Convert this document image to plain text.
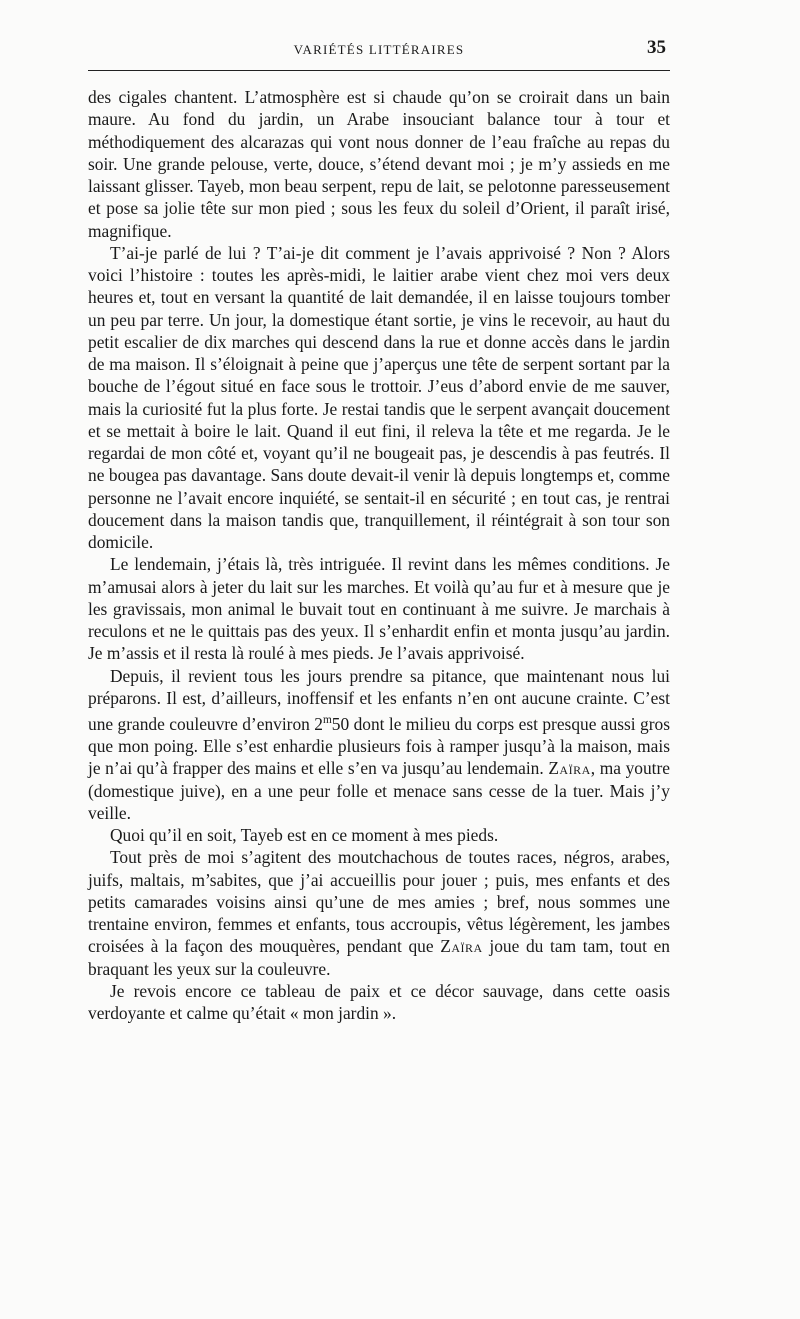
VARIÉTÉS LITTÉRAIRES	35

des cigales chantent. L’atmosphère est si chaude qu’on se croirait dans un bain maure. Au fond du jardin, un Arabe insouciant balance tour à tour et méthodiquement des alcarazas qui vont nous donner de l’eau fraîche au repas du soir. Une grande pelouse, verte, douce, s’étend devant moi ; je m’y assieds en me laissant glisser. Tayeb, mon beau serpent, repu de lait, se pelotonne paresseusement et pose sa jolie tête sur mon pied ; sous les feux du soleil d’Orient, il paraît irisé, magnifique.

T’ai-je parlé de lui ? T’ai-je dit comment je l’avais apprivoisé ? Non ? Alors voici l’histoire : toutes les après-midi, le laitier arabe vient chez moi vers deux heures et, tout en versant la quantité de lait demandée, il en laisse toujours tomber un peu par terre. Un jour, la domestique étant sortie, je vins le recevoir, au haut du petit escalier de dix marches qui descend dans la rue et donne accès dans le jardin de ma maison. Il s’éloignait à peine que j’aperçus une tête de serpent sortant par la bouche de l’égout situé en face sous le trottoir. J’eus d’abord envie de me sauver, mais la curiosité fut la plus forte. Je restai tandis que le serpent avançait doucement et se mettait à boire le lait. Quand il eut fini, il releva la tête et me regarda. Je le regardai de mon côté et, voyant qu’il ne bougeait pas, je descendis à pas feutrés. Il ne bougea pas davantage. Sans doute devait-il venir là depuis longtemps et, comme personne ne l’avait encore inquiété, se sentait-il en sécurité ; en tout cas, je rentrai doucement dans la maison tandis que, tranquillement, il réintégrait à son tour son domicile.

Le lendemain, j’étais là, très intriguée. Il revint dans les mêmes conditions. Je m’amusai alors à jeter du lait sur les marches. Et voilà qu’au fur et à mesure que je les gravissais, mon animal le buvait tout en continuant à me suivre. Je marchais à reculons et ne le quittais pas des yeux. Il s’enhardit enfin et monta jusqu’au jardin. Je m’assis et il resta là roulé à mes pieds. Je l’avais apprivoisé.

Depuis, il revient tous les jours prendre sa pitance, que maintenant nous lui préparons. Il est, d’ailleurs, inoffensif et les enfants n’en ont aucune crainte. C’est une grande couleuvre d’environ 2$^m$50 dont le milieu du corps est presque aussi gros que mon poing. Elle s’est enhardie plusieurs fois à ramper jusqu’à la maison, mais je n’ai qu’à frapper des mains et elle s’en va jusqu’au lendemain. Zaïra, ma youtre (domestique juive), en a une peur folle et menace sans cesse de la tuer. Mais j’y veille.

Quoi qu’il en soit, Tayeb est en ce moment à mes pieds.

Tout près de moi s’agitent des moutchachous de toutes races, négros, arabes, juifs, maltais, m’sabites, que j’ai accueillis pour jouer ; puis, mes enfants et des petits camarades voisins ainsi qu’une de mes amies ; bref, nous sommes une trentaine environ, femmes et enfants, tous accroupis, vêtus légèrement, les jambes croisées à la façon des mouquères, pendant que Zaïra joue du tam tam, tout en braquant les yeux sur la couleuvre.

Je revois encore ce tableau de paix et ce décor sauvage, dans cette oasis verdoyante et calme qu’était « mon jardin ».
